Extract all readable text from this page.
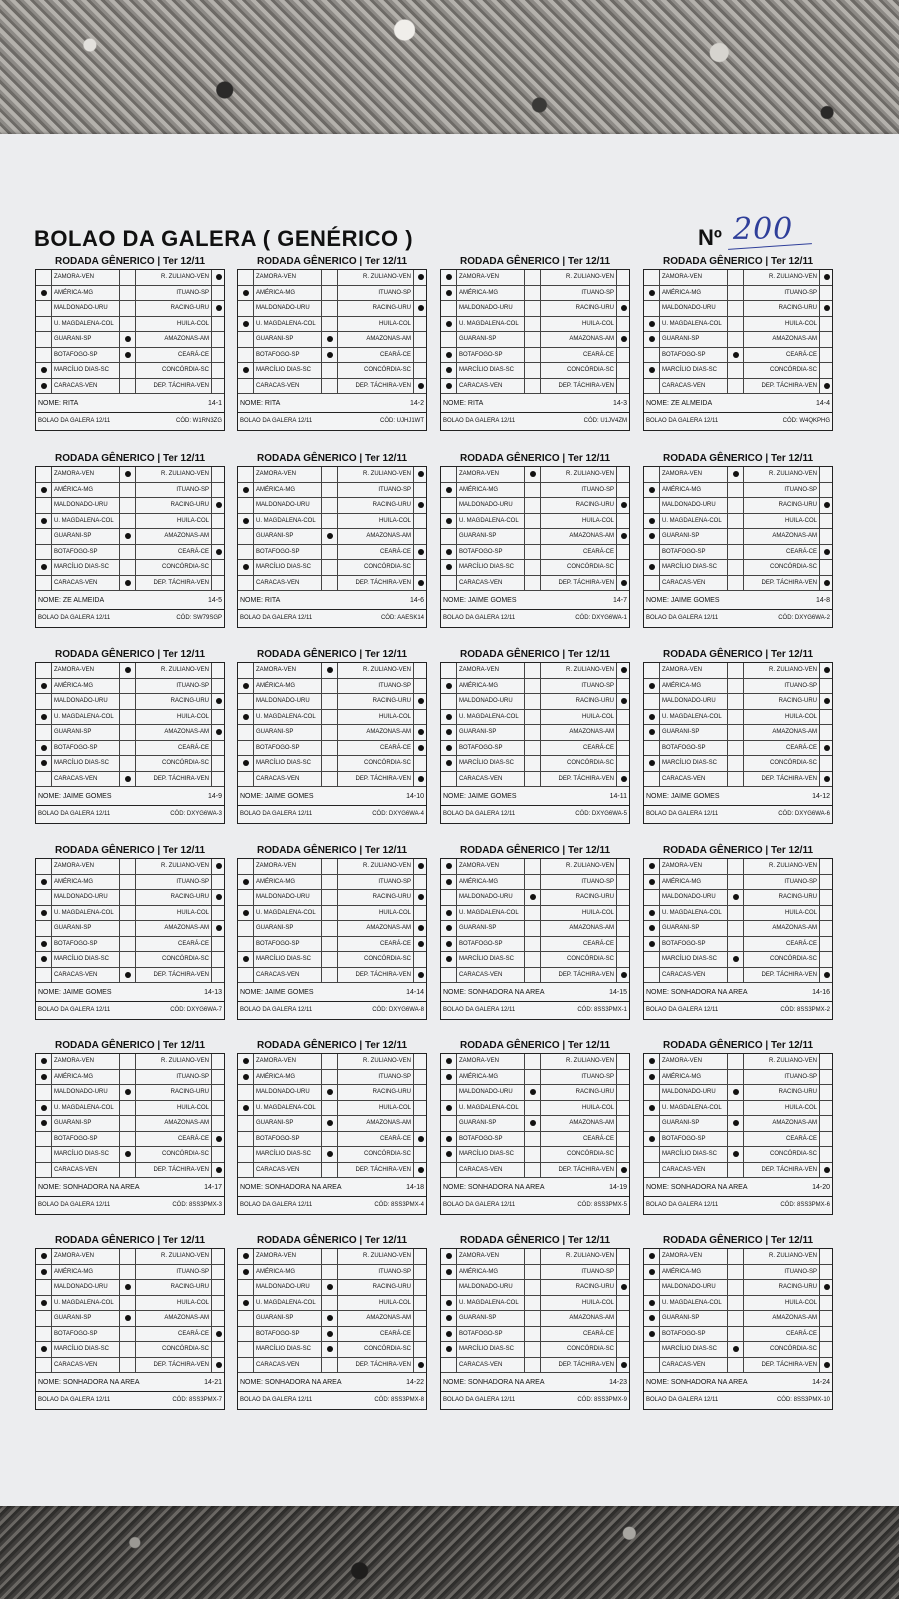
BOLAO DA GALERA ( GENÉRICO )	Nº 200
RODADA GÊNERICO | Ter 12/11
ZAMORA-VEN	R. ZULIANO-VEN
AMÉRICA-MG	ITUANO-SP
MALDONADO-URU	RACING-URU
U. MAGDALENA-COL	HUILA-COL
GUARANI-SP	AMAZONAS-AM
BOTAFOGO-SP	CEARÁ-CE
MARCÍLIO DIAS-SC	CONCÓRDIA-SC
CARACAS-VEN	DEP. TÁCHIRA-VEN
NOME: RITA	14-1
BOLAO DA GALERA 12/11	CÓD: W1RN3ZG
RODADA GÊNERICO | Ter 12/11
ZAMORA-VEN	R. ZULIANO-VEN
AMÉRICA-MG	ITUANO-SP
MALDONADO-URU	RACING-URU
U. MAGDALENA-COL	HUILA-COL
GUARANI-SP	AMAZONAS-AM
BOTAFOGO-SP	CEARÁ-CE
MARCÍLIO DIAS-SC	CONCÓRDIA-SC
CARACAS-VEN	DEP. TÁCHIRA-VEN
NOME: RITA	14-2
BOLAO DA GALERA 12/11	CÓD: UJHJ1WT
RODADA GÊNERICO | Ter 12/11
ZAMORA-VEN	R. ZULIANO-VEN
AMÉRICA-MG	ITUANO-SP
MALDONADO-URU	RACING-URU
U. MAGDALENA-COL	HUILA-COL
GUARANI-SP	AMAZONAS-AM
BOTAFOGO-SP	CEARÁ-CE
MARCÍLIO DIAS-SC	CONCÓRDIA-SC
CARACAS-VEN	DEP. TÁCHIRA-VEN
NOME: RITA	14-3
BOLAO DA GALERA 12/11	CÓD: U1JV4ZM
RODADA GÊNERICO | Ter 12/11
ZAMORA-VEN	R. ZULIANO-VEN
AMÉRICA-MG	ITUANO-SP
MALDONADO-URU	RACING-URU
U. MAGDALENA-COL	HUILA-COL
GUARANI-SP	AMAZONAS-AM
BOTAFOGO-SP	CEARÁ-CE
MARCÍLIO DIAS-SC	CONCÓRDIA-SC
CARACAS-VEN	DEP. TÁCHIRA-VEN
NOME: ZE ALMEIDA	14-4
BOLAO DA GALERA 12/11	CÓD: W4QKPHG
RODADA GÊNERICO | Ter 12/11
ZAMORA-VEN	R. ZULIANO-VEN
AMÉRICA-MG	ITUANO-SP
MALDONADO-URU	RACING-URU
U. MAGDALENA-COL	HUILA-COL
GUARANI-SP	AMAZONAS-AM
BOTAFOGO-SP	CEARÁ-CE
MARCÍLIO DIAS-SC	CONCÓRDIA-SC
CARACAS-VEN	DEP. TÁCHIRA-VEN
NOME: ZE ALMEIDA	14-5
BOLAO DA GALERA 12/11	CÓD: SW79SGP
RODADA GÊNERICO | Ter 12/11
ZAMORA-VEN	R. ZULIANO-VEN
AMÉRICA-MG	ITUANO-SP
MALDONADO-URU	RACING-URU
U. MAGDALENA-COL	HUILA-COL
GUARANI-SP	AMAZONAS-AM
BOTAFOGO-SP	CEARÁ-CE
MARCÍLIO DIAS-SC	CONCÓRDIA-SC
CARACAS-VEN	DEP. TÁCHIRA-VEN
NOME: RITA	14-6
BOLAO DA GALERA 12/11	CÓD: AAESK14
RODADA GÊNERICO | Ter 12/11
ZAMORA-VEN	R. ZULIANO-VEN
AMÉRICA-MG	ITUANO-SP
MALDONADO-URU	RACING-URU
U. MAGDALENA-COL	HUILA-COL
GUARANI-SP	AMAZONAS-AM
BOTAFOGO-SP	CEARÁ-CE
MARCÍLIO DIAS-SC	CONCÓRDIA-SC
CARACAS-VEN	DEP. TÁCHIRA-VEN
NOME: JAIME GOMES	14-7
BOLAO DA GALERA 12/11	CÓD: DXYG6WA-1
RODADA GÊNERICO | Ter 12/11
ZAMORA-VEN	R. ZULIANO-VEN
AMÉRICA-MG	ITUANO-SP
MALDONADO-URU	RACING-URU
U. MAGDALENA-COL	HUILA-COL
GUARANI-SP	AMAZONAS-AM
BOTAFOGO-SP	CEARÁ-CE
MARCÍLIO DIAS-SC	CONCÓRDIA-SC
CARACAS-VEN	DEP. TÁCHIRA-VEN
NOME: JAIME GOMES	14-8
BOLAO DA GALERA 12/11	CÓD: DXYG6WA-2
RODADA GÊNERICO | Ter 12/11
ZAMORA-VEN	R. ZULIANO-VEN
AMÉRICA-MG	ITUANO-SP
MALDONADO-URU	RACING-URU
U. MAGDALENA-COL	HUILA-COL
GUARANI-SP	AMAZONAS-AM
BOTAFOGO-SP	CEARÁ-CE
MARCÍLIO DIAS-SC	CONCÓRDIA-SC
CARACAS-VEN	DEP. TÁCHIRA-VEN
NOME: JAIME GOMES	14-9
BOLAO DA GALERA 12/11	CÓD: DXYG6WA-3
RODADA GÊNERICO | Ter 12/11
ZAMORA-VEN	R. ZULIANO-VEN
AMÉRICA-MG	ITUANO-SP
MALDONADO-URU	RACING-URU
U. MAGDALENA-COL	HUILA-COL
GUARANI-SP	AMAZONAS-AM
BOTAFOGO-SP	CEARÁ-CE
MARCÍLIO DIAS-SC	CONCÓRDIA-SC
CARACAS-VEN	DEP. TÁCHIRA-VEN
NOME: JAIME GOMES	14-10
BOLAO DA GALERA 12/11	CÓD: DXYG6WA-4
RODADA GÊNERICO | Ter 12/11
ZAMORA-VEN	R. ZULIANO-VEN
AMÉRICA-MG	ITUANO-SP
MALDONADO-URU	RACING-URU
U. MAGDALENA-COL	HUILA-COL
GUARANI-SP	AMAZONAS-AM
BOTAFOGO-SP	CEARÁ-CE
MARCÍLIO DIAS-SC	CONCÓRDIA-SC
CARACAS-VEN	DEP. TÁCHIRA-VEN
NOME: JAIME GOMES	14-11
BOLAO DA GALERA 12/11	CÓD: DXYG6WA-5
RODADA GÊNERICO | Ter 12/11
ZAMORA-VEN	R. ZULIANO-VEN
AMÉRICA-MG	ITUANO-SP
MALDONADO-URU	RACING-URU
U. MAGDALENA-COL	HUILA-COL
GUARANI-SP	AMAZONAS-AM
BOTAFOGO-SP	CEARÁ-CE
MARCÍLIO DIAS-SC	CONCÓRDIA-SC
CARACAS-VEN	DEP. TÁCHIRA-VEN
NOME: JAIME GOMES	14-12
BOLAO DA GALERA 12/11	CÓD: DXYG6WA-6
RODADA GÊNERICO | Ter 12/11
ZAMORA-VEN	R. ZULIANO-VEN
AMÉRICA-MG	ITUANO-SP
MALDONADO-URU	RACING-URU
U. MAGDALENA-COL	HUILA-COL
GUARANI-SP	AMAZONAS-AM
BOTAFOGO-SP	CEARÁ-CE
MARCÍLIO DIAS-SC	CONCÓRDIA-SC
CARACAS-VEN	DEP. TÁCHIRA-VEN
NOME: JAIME GOMES	14-13
BOLAO DA GALERA 12/11	CÓD: DXYG6WA-7
RODADA GÊNERICO | Ter 12/11
ZAMORA-VEN	R. ZULIANO-VEN
AMÉRICA-MG	ITUANO-SP
MALDONADO-URU	RACING-URU
U. MAGDALENA-COL	HUILA-COL
GUARANI-SP	AMAZONAS-AM
BOTAFOGO-SP	CEARÁ-CE
MARCÍLIO DIAS-SC	CONCÓRDIA-SC
CARACAS-VEN	DEP. TÁCHIRA-VEN
NOME: JAIME GOMES	14-14
BOLAO DA GALERA 12/11	CÓD: DXYG6WA-8
RODADA GÊNERICO | Ter 12/11
ZAMORA-VEN	R. ZULIANO-VEN
AMÉRICA-MG	ITUANO-SP
MALDONADO-URU	RACING-URU
U. MAGDALENA-COL	HUILA-COL
GUARANI-SP	AMAZONAS-AM
BOTAFOGO-SP	CEARÁ-CE
MARCÍLIO DIAS-SC	CONCÓRDIA-SC
CARACAS-VEN	DEP. TÁCHIRA-VEN
NOME: SONHADORA NA AREA	14-15
BOLAO DA GALERA 12/11	CÓD: 8SS3PMX-1
RODADA GÊNERICO | Ter 12/11
ZAMORA-VEN	R. ZULIANO-VEN
AMÉRICA-MG	ITUANO-SP
MALDONADO-URU	RACING-URU
U. MAGDALENA-COL	HUILA-COL
GUARANI-SP	AMAZONAS-AM
BOTAFOGO-SP	CEARÁ-CE
MARCÍLIO DIAS-SC	CONCÓRDIA-SC
CARACAS-VEN	DEP. TÁCHIRA-VEN
NOME: SONHADORA NA AREA	14-16
BOLAO DA GALERA 12/11	CÓD: 8SS3PMX-2
RODADA GÊNERICO | Ter 12/11
ZAMORA-VEN	R. ZULIANO-VEN
AMÉRICA-MG	ITUANO-SP
MALDONADO-URU	RACING-URU
U. MAGDALENA-COL	HUILA-COL
GUARANI-SP	AMAZONAS-AM
BOTAFOGO-SP	CEARÁ-CE
MARCÍLIO DIAS-SC	CONCÓRDIA-SC
CARACAS-VEN	DEP. TÁCHIRA-VEN
NOME: SONHADORA NA AREA	14-17
BOLAO DA GALERA 12/11	CÓD: 8SS3PMX-3
RODADA GÊNERICO | Ter 12/11
ZAMORA-VEN	R. ZULIANO-VEN
AMÉRICA-MG	ITUANO-SP
MALDONADO-URU	RACING-URU
U. MAGDALENA-COL	HUILA-COL
GUARANI-SP	AMAZONAS-AM
BOTAFOGO-SP	CEARÁ-CE
MARCÍLIO DIAS-SC	CONCÓRDIA-SC
CARACAS-VEN	DEP. TÁCHIRA-VEN
NOME: SONHADORA NA AREA	14-18
BOLAO DA GALERA 12/11	CÓD: 8SS3PMX-4
RODADA GÊNERICO | Ter 12/11
ZAMORA-VEN	R. ZULIANO-VEN
AMÉRICA-MG	ITUANO-SP
MALDONADO-URU	RACING-URU
U. MAGDALENA-COL	HUILA-COL
GUARANI-SP	AMAZONAS-AM
BOTAFOGO-SP	CEARÁ-CE
MARCÍLIO DIAS-SC	CONCÓRDIA-SC
CARACAS-VEN	DEP. TÁCHIRA-VEN
NOME: SONHADORA NA AREA	14-19
BOLAO DA GALERA 12/11	CÓD: 8SS3PMX-5
RODADA GÊNERICO | Ter 12/11
ZAMORA-VEN	R. ZULIANO-VEN
AMÉRICA-MG	ITUANO-SP
MALDONADO-URU	RACING-URU
U. MAGDALENA-COL	HUILA-COL
GUARANI-SP	AMAZONAS-AM
BOTAFOGO-SP	CEARÁ-CE
MARCÍLIO DIAS-SC	CONCÓRDIA-SC
CARACAS-VEN	DEP. TÁCHIRA-VEN
NOME: SONHADORA NA AREA	14-20
BOLAO DA GALERA 12/11	CÓD: 8SS3PMX-6
RODADA GÊNERICO | Ter 12/11
ZAMORA-VEN	R. ZULIANO-VEN
AMÉRICA-MG	ITUANO-SP
MALDONADO-URU	RACING-URU
U. MAGDALENA-COL	HUILA-COL
GUARANI-SP	AMAZONAS-AM
BOTAFOGO-SP	CEARÁ-CE
MARCÍLIO DIAS-SC	CONCÓRDIA-SC
CARACAS-VEN	DEP. TÁCHIRA-VEN
NOME: SONHADORA NA AREA	14-21
BOLAO DA GALERA 12/11	CÓD: 8SS3PMX-7
RODADA GÊNERICO | Ter 12/11
ZAMORA-VEN	R. ZULIANO-VEN
AMÉRICA-MG	ITUANO-SP
MALDONADO-URU	RACING-URU
U. MAGDALENA-COL	HUILA-COL
GUARANI-SP	AMAZONAS-AM
BOTAFOGO-SP	CEARÁ-CE
MARCÍLIO DIAS-SC	CONCÓRDIA-SC
CARACAS-VEN	DEP. TÁCHIRA-VEN
NOME: SONHADORA NA AREA	14-22
BOLAO DA GALERA 12/11	CÓD: 8SS3PMX-8
RODADA GÊNERICO | Ter 12/11
ZAMORA-VEN	R. ZULIANO-VEN
AMÉRICA-MG	ITUANO-SP
MALDONADO-URU	RACING-URU
U. MAGDALENA-COL	HUILA-COL
GUARANI-SP	AMAZONAS-AM
BOTAFOGO-SP	CEARÁ-CE
MARCÍLIO DIAS-SC	CONCÓRDIA-SC
CARACAS-VEN	DEP. TÁCHIRA-VEN
NOME: SONHADORA NA AREA	14-23
BOLAO DA GALERA 12/11	CÓD: 8SS3PMX-9
RODADA GÊNERICO | Ter 12/11
ZAMORA-VEN	R. ZULIANO-VEN
AMÉRICA-MG	ITUANO-SP
MALDONADO-URU	RACING-URU
U. MAGDALENA-COL	HUILA-COL
GUARANI-SP	AMAZONAS-AM
BOTAFOGO-SP	CEARÁ-CE
MARCÍLIO DIAS-SC	CONCÓRDIA-SC
CARACAS-VEN	DEP. TÁCHIRA-VEN
NOME: SONHADORA NA AREA	14-24
BOLAO DA GALERA 12/11	CÓD: 8SS3PMX-10
